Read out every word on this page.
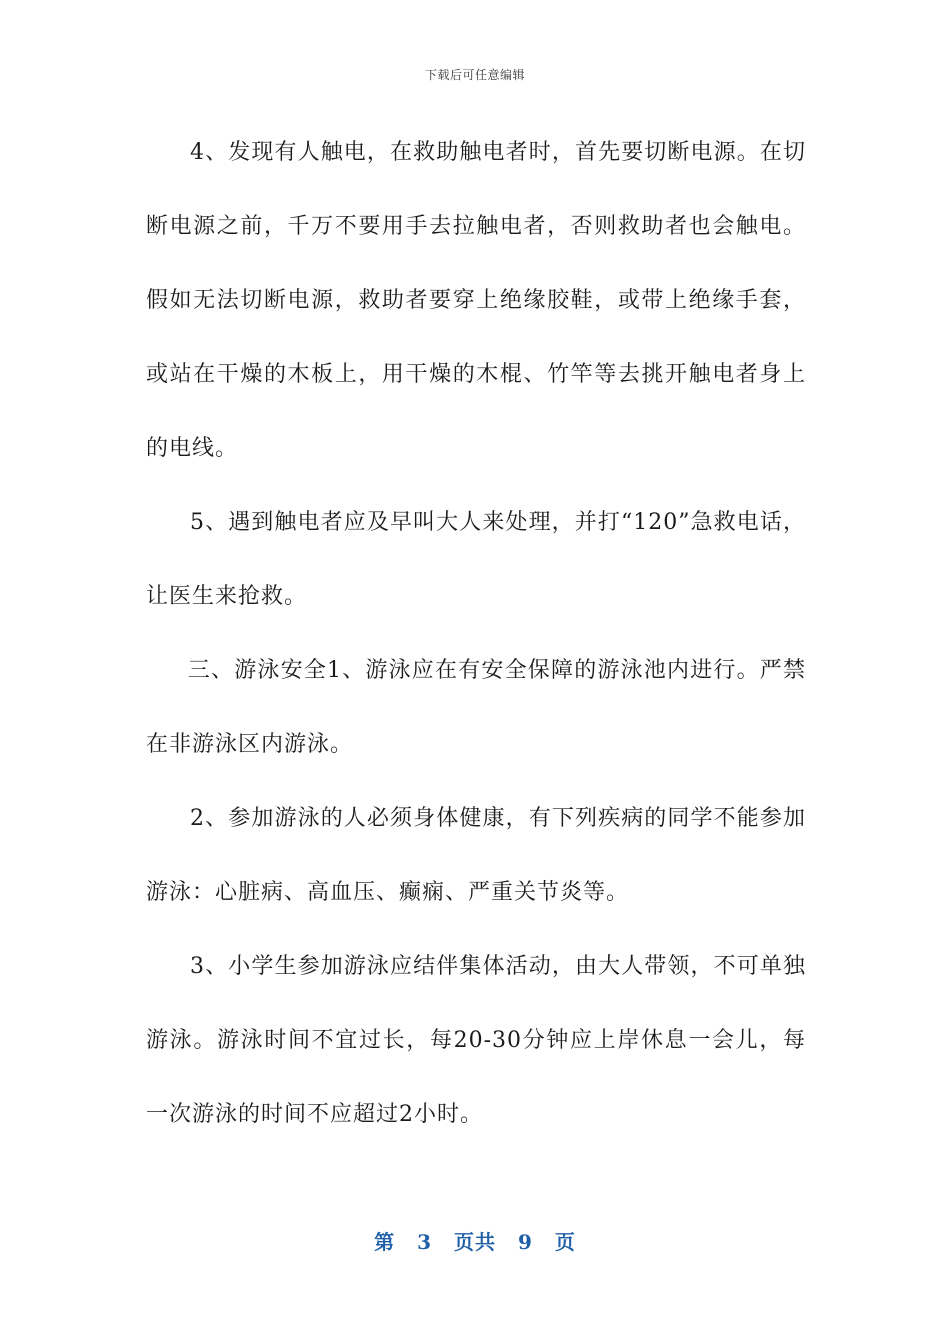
下载后可任意编辑

4、发现有人触电，在救助触电者时，首先要切断电源。在切断电源之前，千万不要用手去拉触电者，否则救助者也会触电。假如无法切断电源，救助者要穿上绝缘胶鞋，或带上绝缘手套，或站在干燥的木板上，用干燥的木棍、竹竿等去挑开触电者身上的电线。

5、遇到触电者应及早叫大人来处理，并打“120”急救电话，让医生来抢救。

三、游泳安全1、游泳应在有安全保障的游泳池内进行。严禁在非游泳区内游泳。

2、参加游泳的人必须身体健康，有下列疾病的同学不能参加游泳：心脏病、高血压、癫痫、严重关节炎等。

3、小学生参加游泳应结伴集体活动，由大人带领，不可单独游泳。游泳时间不宜过长，每20-30分钟应上岸休息一会儿，每一次游泳的时间不应超过2小时。

第 3 页共 9 页
